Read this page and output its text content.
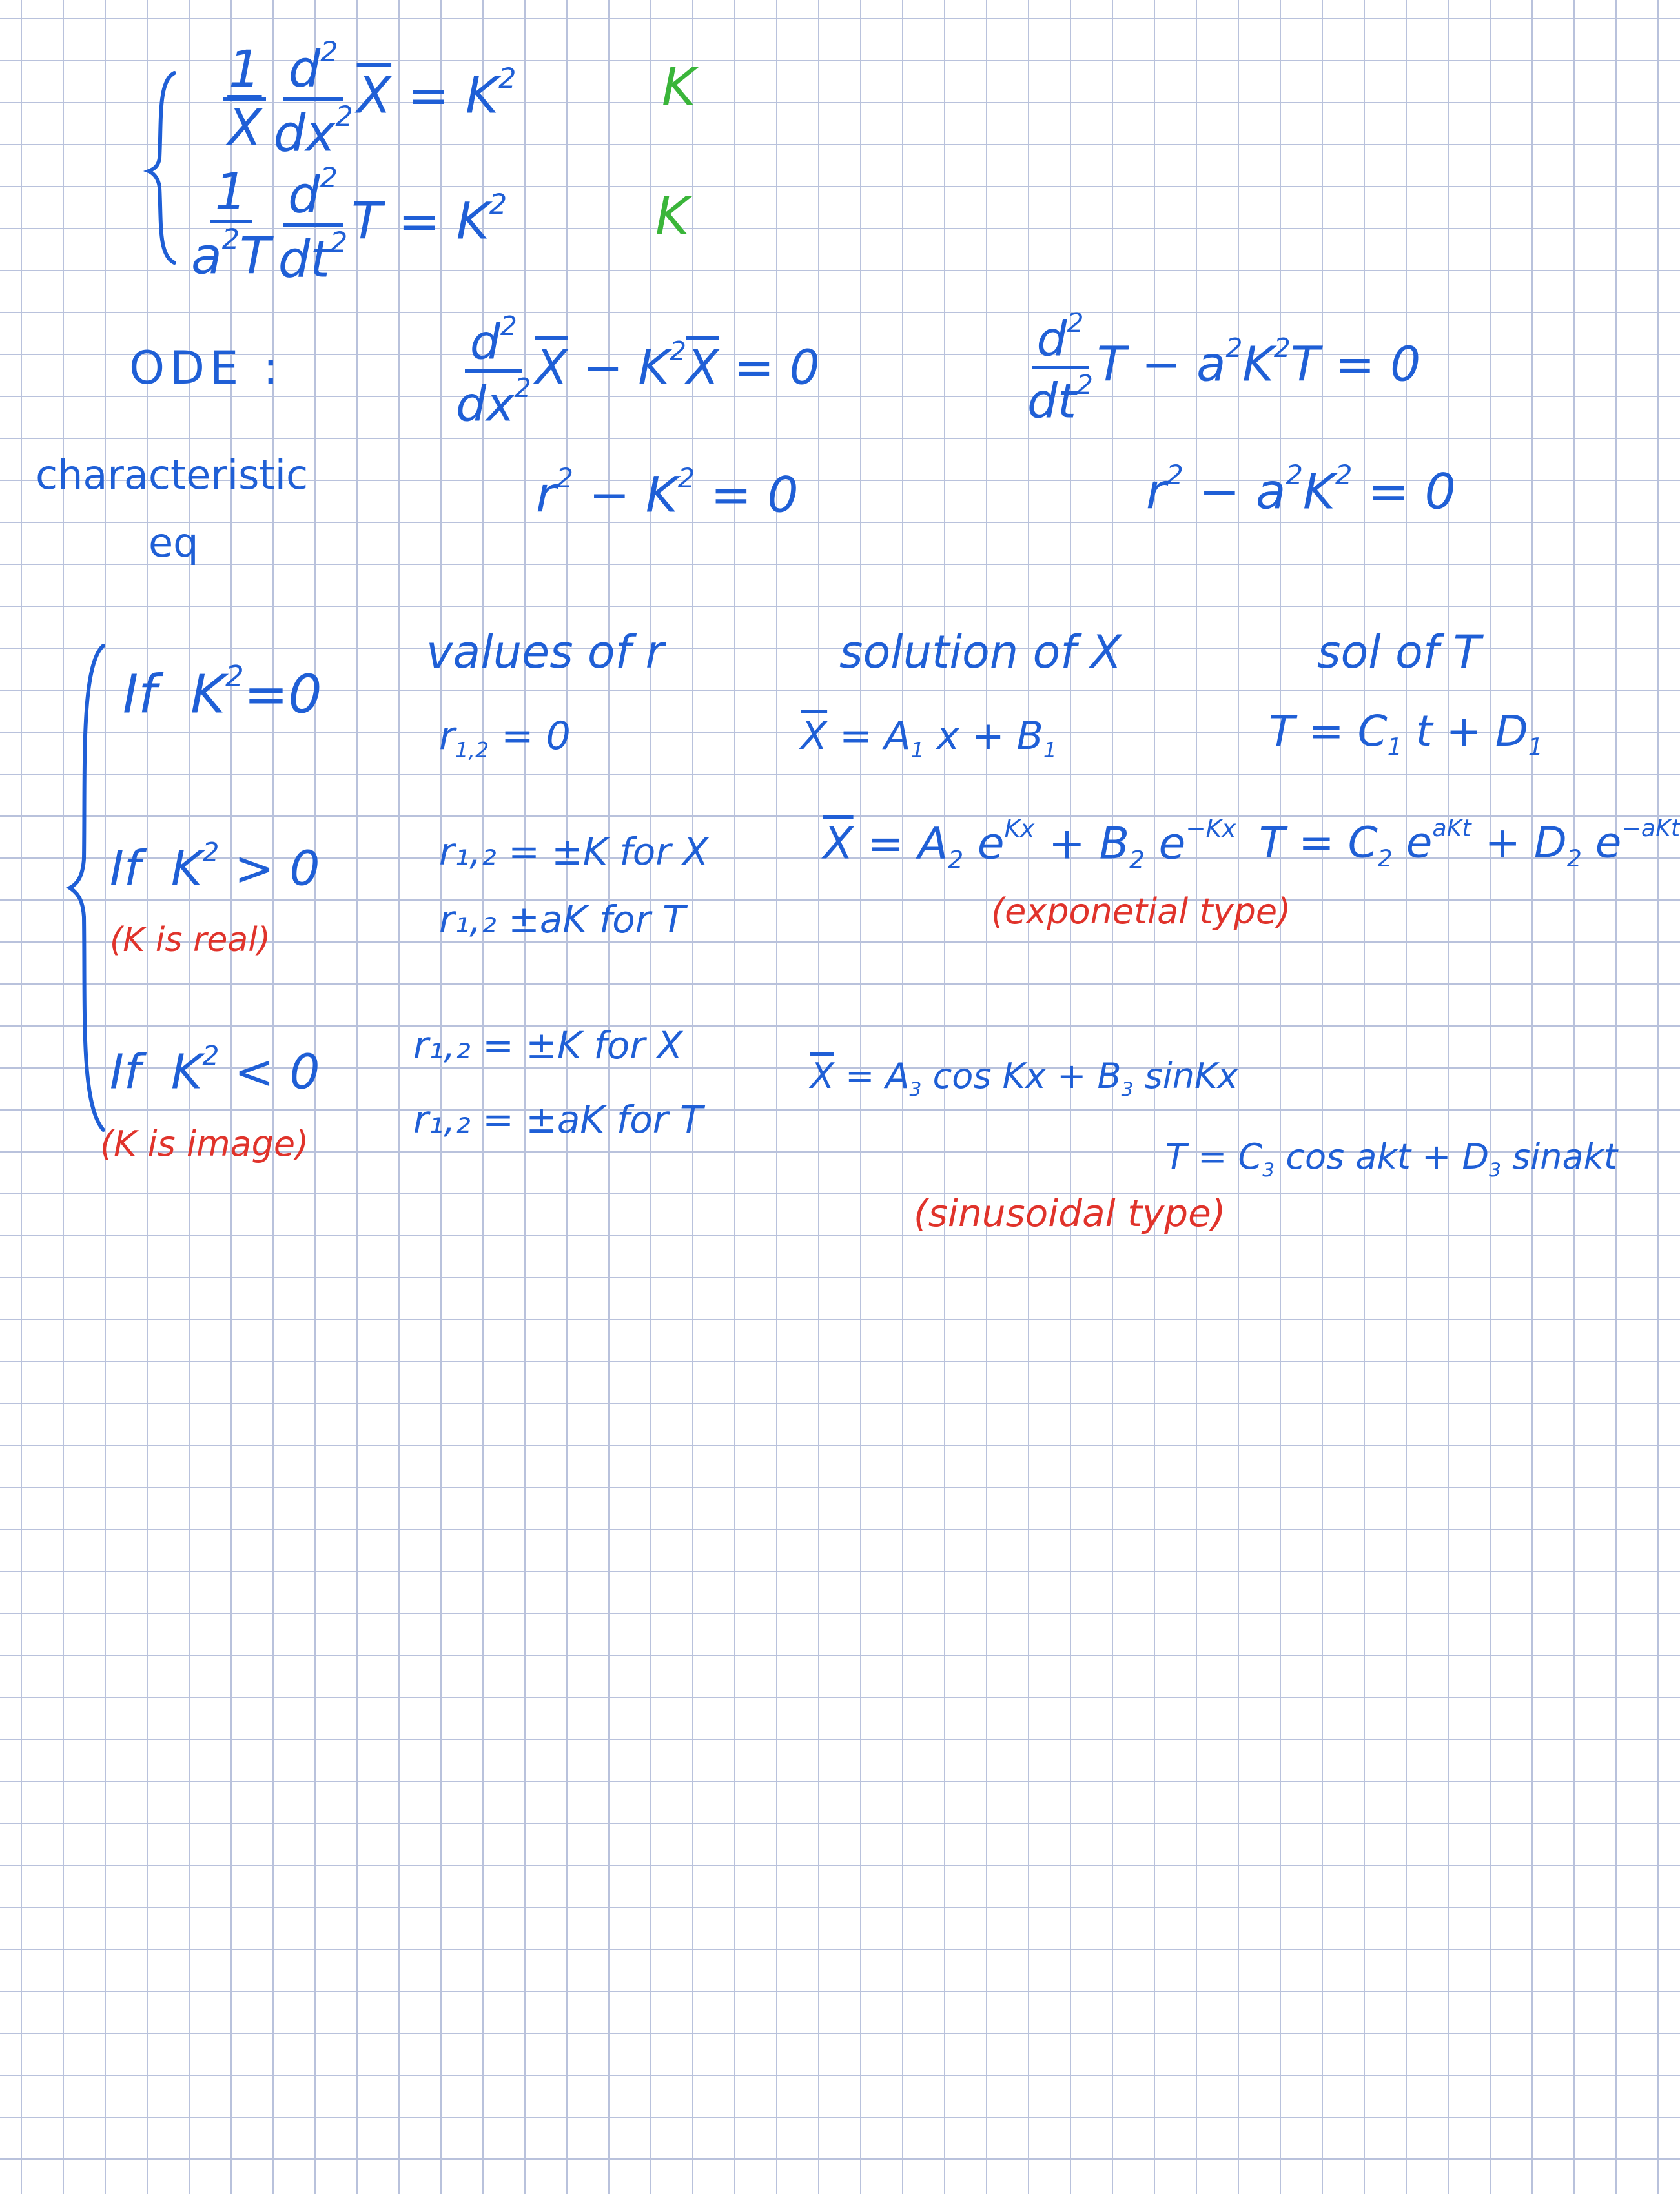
$\frac{1}{X} \frac{d^2}{dx^2} \overline{X} = K^2$	K
$\frac{1}{a^2T} \frac{d^2}{dt^2}$ $T = K^2$	K
ODE :	$\frac{d^2}{dx^2} \overline{X} - K^2\overline{X} = 0$	$\frac{d^2}{dt^2}$ $T - a^2K^2T = 0$
characteristic
eq
$r^2 - K^2 = 0$	$r^2 - a^2K^2 = 0$
values of r	solution of X	sol of T
If  $K^2=0$
$r_{1,2} = 0$	$\overline{X} = A_1$ $x + B_1$	$T = C_1$ $t + D_1$
If  $K^2 > 0$
(K is real)
r₁,₂ = ±K for X
r₁,₂ ±aK for T
$\overline{X} = A_2$ $e^{Kx} + B_2$ $e^{-Kx}$ $T = C_2$ $e^{aKt} + D_2$ $e^{-aKt}$
(exponetial type)
If  $K^2 < 0$
(K is image)
r₁,₂ = ±K for X
r₁,₂ = ±aK for T
$\overline{X} = A_3$ $\cos Kx + B_3$ sinKx
$T = C_3$ cos akt + $D_3$ sinakt
(sinusoidal type)
